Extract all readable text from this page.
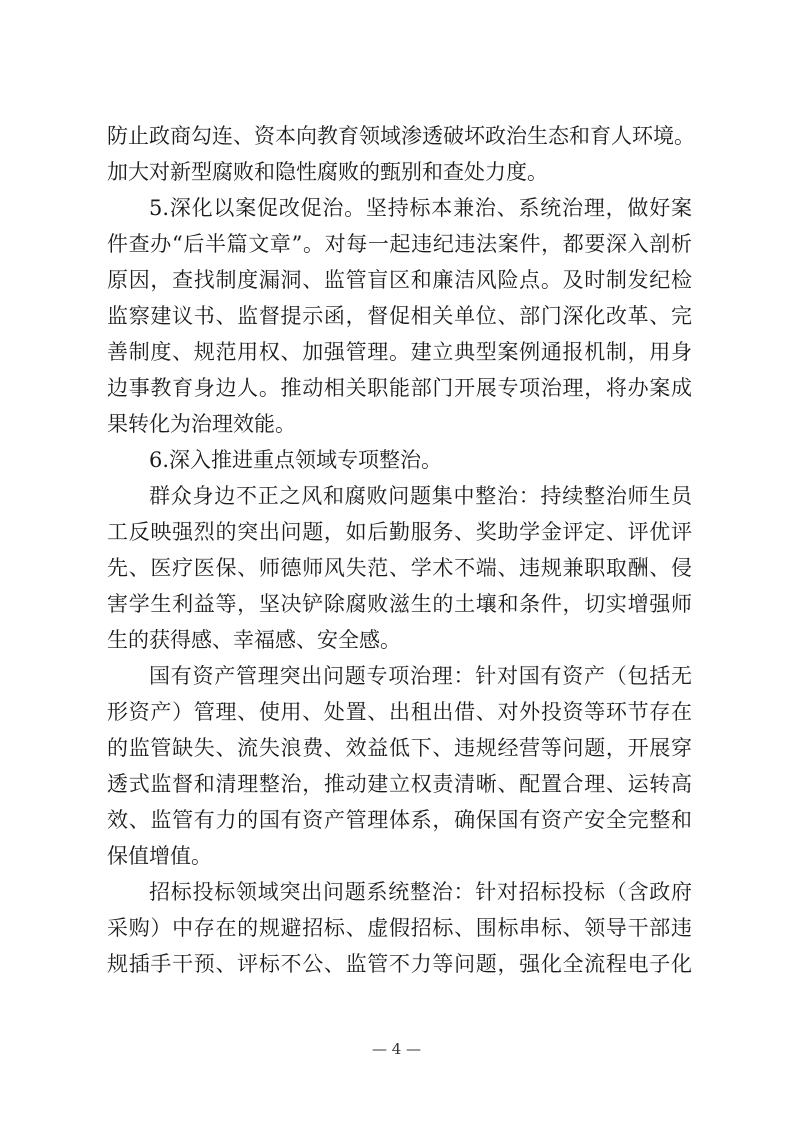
防止政商勾连、资本向教育领域渗透破坏政治生态和育人环境。
加大对新型腐败和隐性腐败的甄别和查处力度。
5.深化以案促改促治。坚持标本兼治、系统治理，做好案
件查办“后半篇文章”。对每一起违纪违法案件，都要深入剖析
原因，查找制度漏洞、监管盲区和廉洁风险点。及时制发纪检
监察建议书、监督提示函，督促相关单位、部门深化改革、完
善制度、规范用权、加强管理。建立典型案例通报机制，用身
边事教育身边人。推动相关职能部门开展专项治理，将办案成
果转化为治理效能。
6.深入推进重点领域专项整治。
群众身边不正之风和腐败问题集中整治：持续整治师生员
工反映强烈的突出问题，如后勤服务、奖助学金评定、评优评
先、医疗医保、师德师风失范、学术不端、违规兼职取酬、侵
害学生利益等，坚决铲除腐败滋生的土壤和条件，切实增强师
生的获得感、幸福感、安全感。
国有资产管理突出问题专项治理：针对国有资产（包括无
形资产）管理、使用、处置、出租出借、对外投资等环节存在
的监管缺失、流失浪费、效益低下、违规经营等问题，开展穿
透式监督和清理整治，推动建立权责清晰、配置合理、运转高
效、监管有力的国有资产管理体系，确保国有资产安全完整和
保值增值。
招标投标领域突出问题系统整治：针对招标投标（含政府
采购）中存在的规避招标、虚假招标、围标串标、领导干部违
规插手干预、评标不公、监管不力等问题，强化全流程电子化
— 4 —
